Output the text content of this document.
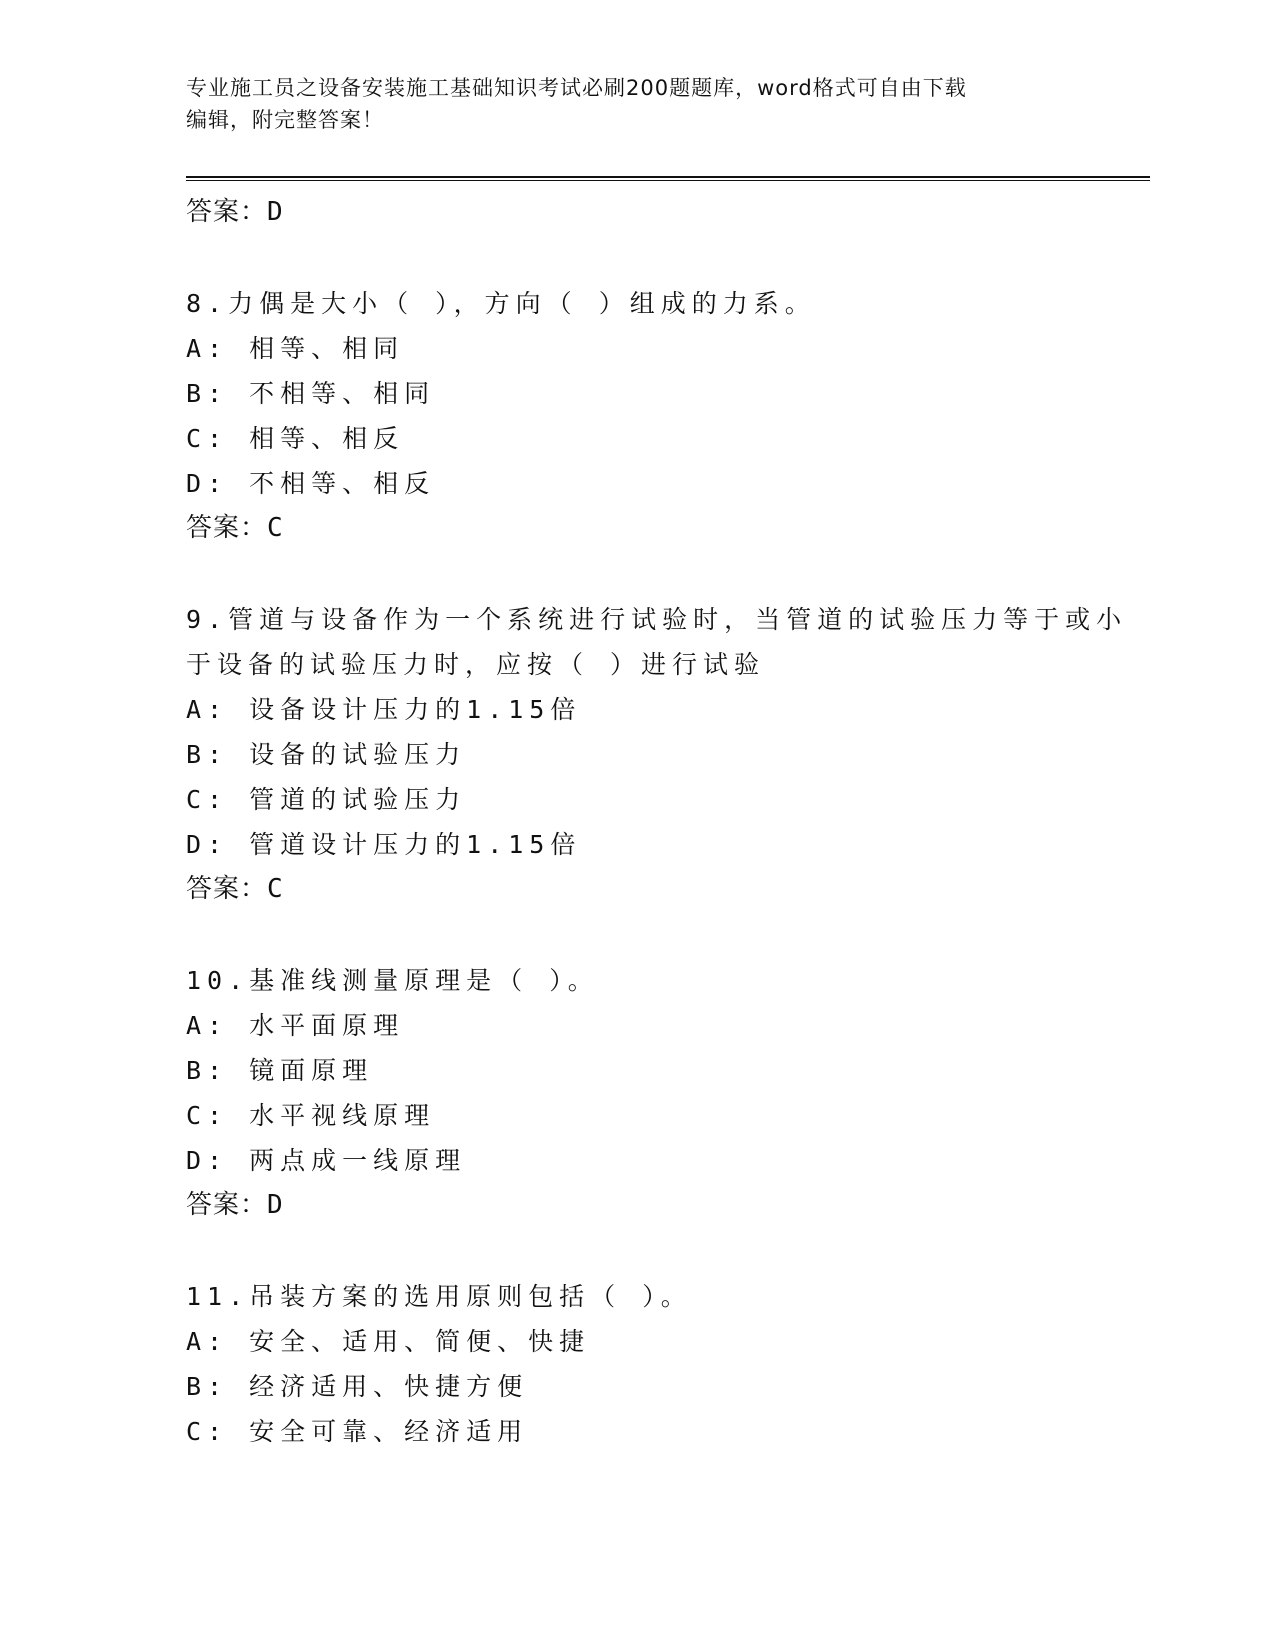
专业施工员之设备安装施工基础知识考试必刷200题题库，word格式可自由下载
编辑，附完整答案！
答案：D
8.力偶是大小（ ），方向（ ）组成的力系。
A: 相等、相同
B: 不相等、相同
C: 相等、相反
D: 不相等、相反
答案：C
9.管道与设备作为一个系统进行试验时，当管道的试验压力等于或小
于设备的试验压力时，应按（ ）进行试验
A: 设备设计压力的1.15倍
B: 设备的试验压力
C: 管道的试验压力
D: 管道设计压力的1.15倍
答案：C
10.基准线测量原理是（ ）。
A: 水平面原理
B: 镜面原理
C: 水平视线原理
D: 两点成一线原理
答案：D
11.吊装方案的选用原则包括（ ）。
A: 安全、适用、简便、快捷
B: 经济适用、快捷方便
C: 安全可靠、经济适用
